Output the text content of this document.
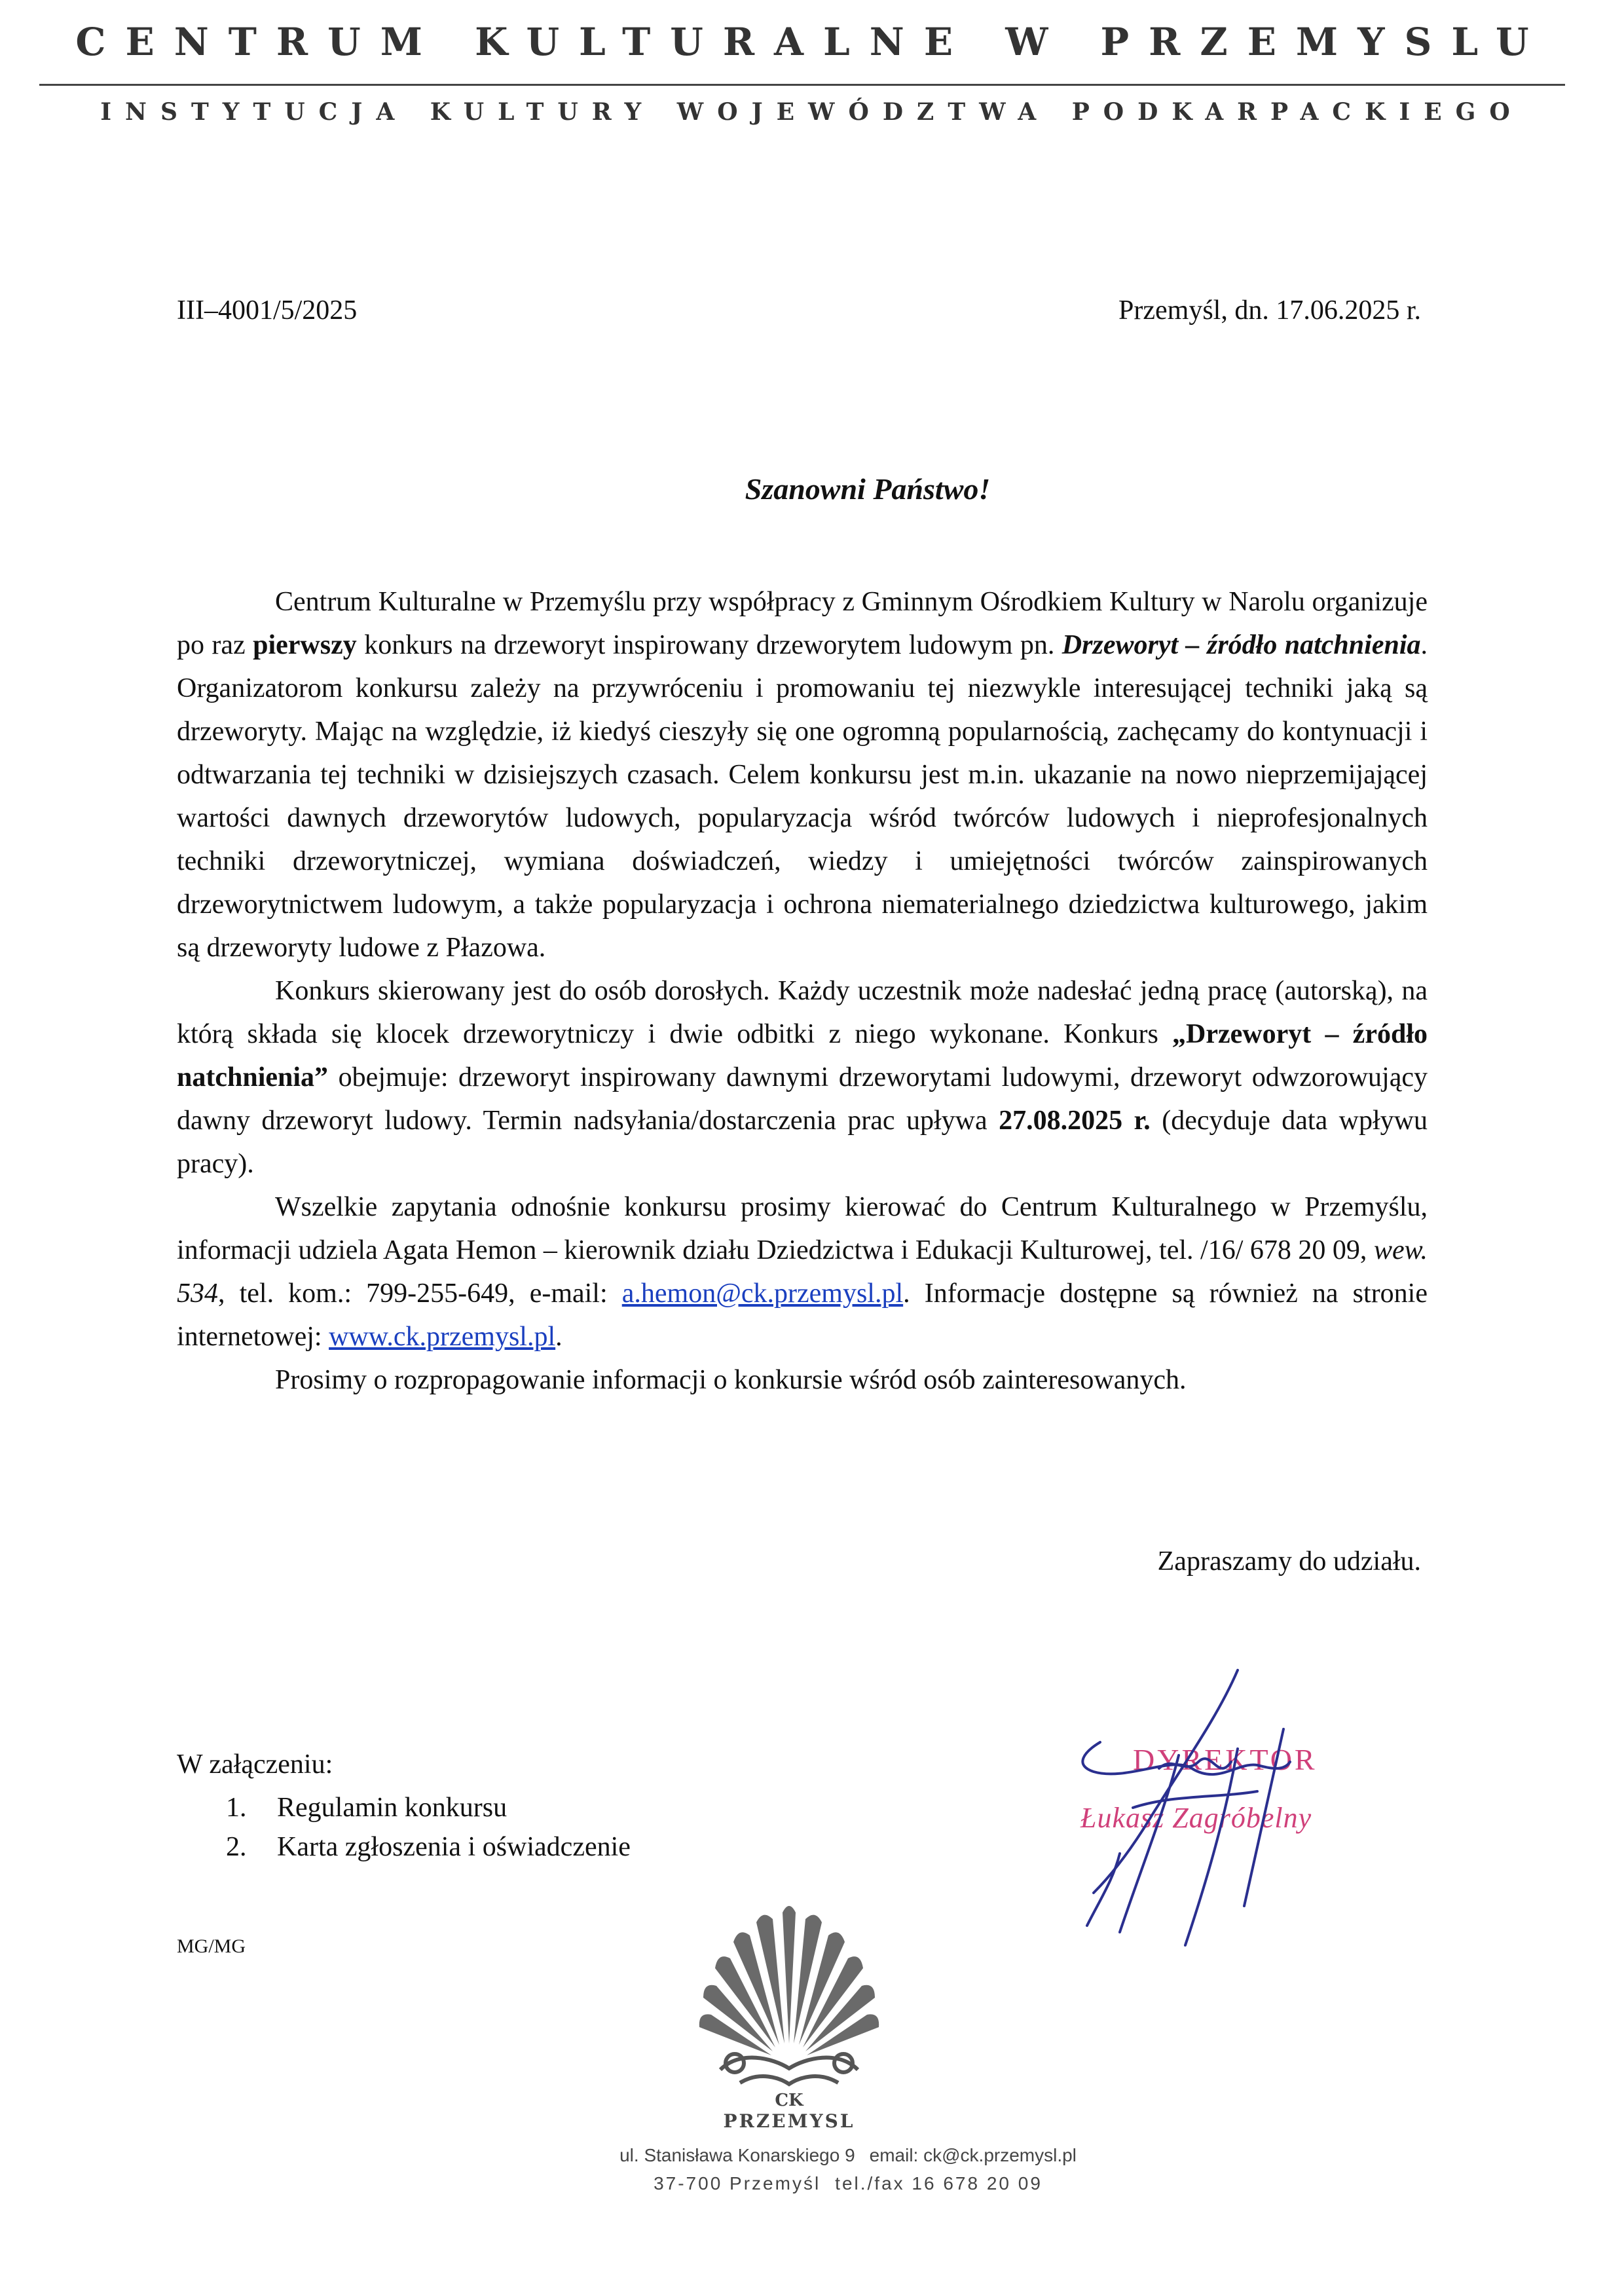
CENTRUM KULTURALNE W PRZEMYSLU
INSTYTUCJA KULTURY WOJEWÓDZTWA PODKARPACKIEGO
III–4001/5/2025	Przemyśl, dn. 17.06.2025 r.
Szanowni Państwo!

Centrum Kulturalne w Przemyślu przy współpracy z Gminnym Ośrodkiem Kultury w Narolu organizuje po raz pierwszy konkurs na drzeworyt inspirowany drzeworytem ludowym pn. Drzeworyt – źródło natchnienia. Organizatorom konkursu zależy na przywróceniu i promowaniu tej niezwykle interesującej techniki jaką są drzeworyty. Mając na względzie, iż kiedyś cieszyły się one ogromną popularnością, zachęcamy do kontynuacji i odtwarzania tej techniki w dzisiejszych czasach. Celem konkursu jest m.in. ukazanie na nowo nieprzemijającej wartości dawnych drzeworytów ludowych, popularyzacja wśród twórców ludowych i nieprofesjonalnych techniki drzeworytniczej, wymiana doświadczeń, wiedzy i umiejętności twórców zainspirowanych drzeworytnictwem ludowym, a także popularyzacja i ochrona niematerialnego dziedzictwa kulturowego, jakim są drzeworyty ludowe z Płazowa.

Konkurs skierowany jest do osób dorosłych. Każdy uczestnik może nadesłać jedną pracę (autorską), na którą składa się klocek drzeworytniczy i dwie odbitki z niego wykonane. Konkurs „Drzeworyt – źródło natchnienia” obejmuje: drzeworyt inspirowany dawnymi drzeworytami ludowymi, drzeworyt odwzorowujący dawny drzeworyt ludowy. Termin nadsyłania/dostarczenia prac upływa 27.08.2025 r. (decyduje data wpływu pracy).

Wszelkie zapytania odnośnie konkursu prosimy kierować do Centrum Kulturalnego w Przemyślu, informacji udziela Agata Hemon – kierownik działu Dziedzictwa i Edukacji Kulturowej, tel. /16/ 678 20 09, wew. 534, tel. kom.: 799-255-649, e-mail: a.hemon@ck.przemysl.pl. Informacje dostępne są również na stronie internetowej: www.ck.przemysl.pl.

Prosimy o rozpropagowanie informacji o konkursie wśród osób zainteresowanych.

Zapraszamy do udziału.
W załączeniu:
1. Regulamin konkursu
2. Karta zgłoszenia i oświadczenie
MG/MG
DYREKTOR
Łukasz Zagróbelny
CK
PRZEMYSL
ul. Stanisława Konarskiego 9 email: ck@ck.przemysl.pl
37-700 Przemyśl tel./fax 16 678 20 09
